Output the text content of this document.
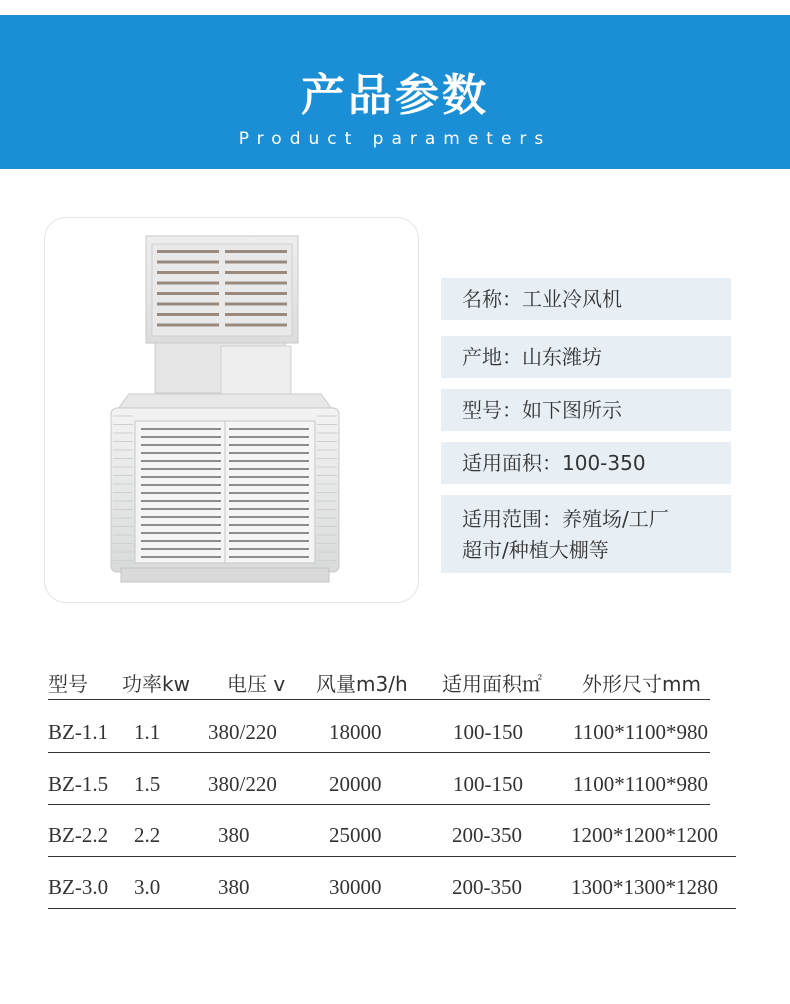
产品参数
Product parameters
名称：工业冷风机
产地：山东潍坊
型号：如下图所示
适用面积：100-350
适用范围：养殖场/工厂
超市/种植大棚等
型号 功率kw 电压 v 风量m3/h 适用面积㎡ 外形尺寸mm
BZ-1.1 1.1 380/220 18000	100-150 1100*1100*980
BZ-1.5 1.5 380/220 20000	100-150 1100*1100*980
BZ-2.2 2.2	380	25000	200-350 1200*1200*1200
BZ-3.0 3.0	380	30000	200-350 1300*1300*1280
